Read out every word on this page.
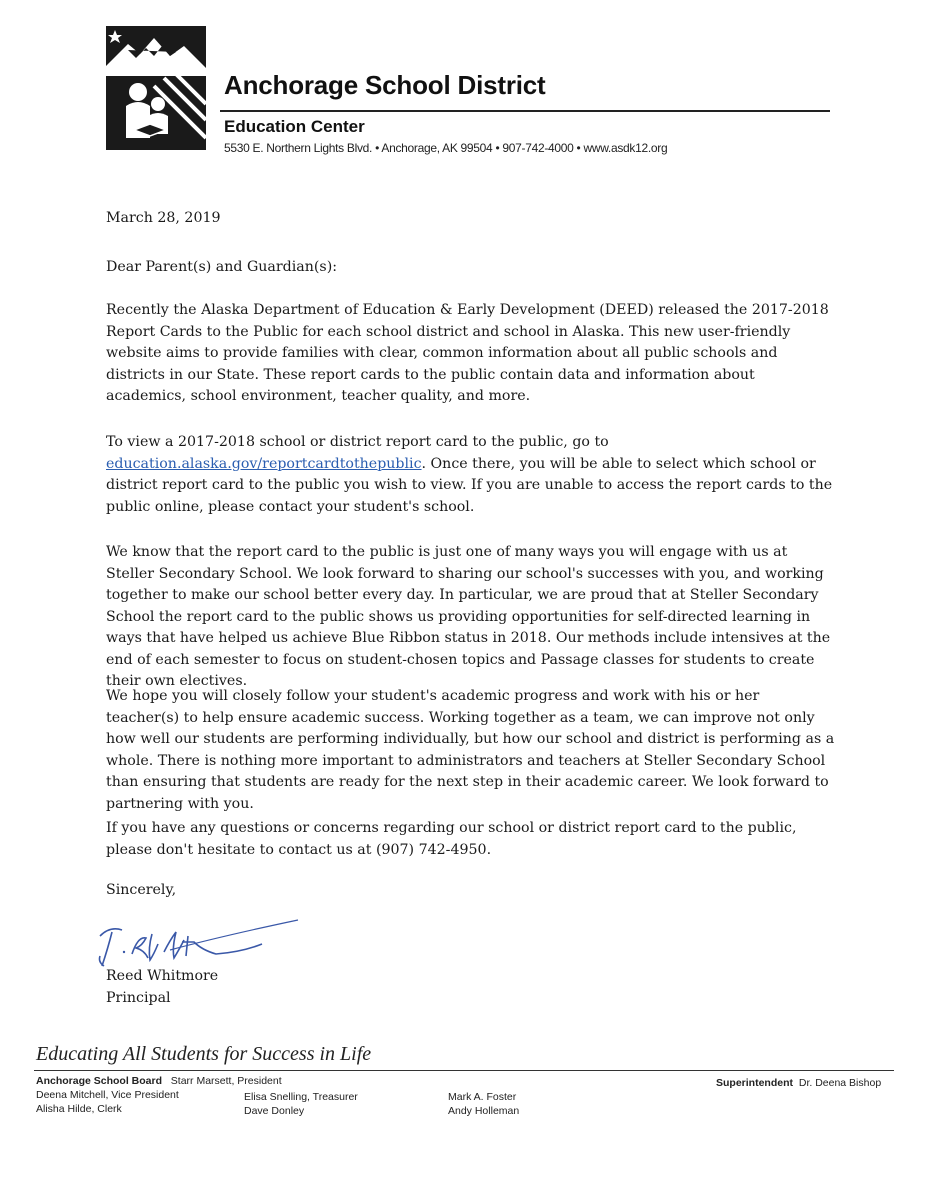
Anchorage School District
Education Center
5530 E. Northern Lights Blvd. • Anchorage, AK 99504 • 907-742-4000 • www.asdk12.org
March 28, 2019
Dear Parent(s) and Guardian(s):
Recently the Alaska Department of Education & Early Development (DEED) released the 2017-2018 Report Cards to the Public for each school district and school in Alaska. This new user-friendly website aims to provide families with clear, common information about all public schools and districts in our State. These report cards to the public contain data and information about academics, school environment, teacher quality, and more.
To view a 2017-2018 school or district report card to the public, go to
education.alaska.gov/reportcardtothepublic. Once there, you will be able to select which school or district report card to the public you wish to view. If you are unable to access the report cards to the public online, please contact your student's school.
We know that the report card to the public is just one of many ways you will engage with us at Steller Secondary School. We look forward to sharing our school's successes with you, and working together to make our school better every day. In particular, we are proud that at Steller Secondary School the report card to the public shows us providing opportunities for self-directed learning in ways that have helped us achieve Blue Ribbon status in 2018. Our methods include intensives at the end of each semester to focus on student-chosen topics and Passage classes for students to create their own electives.
We hope you will closely follow your student's academic progress and work with his or her teacher(s) to help ensure academic success. Working together as a team, we can improve not only how well our students are performing individually, but how our school and district is performing as a whole. There is nothing more important to administrators and teachers at Steller Secondary School than ensuring that students are ready for the next step in their academic career. We look forward to partnering with you.
If you have any questions or concerns regarding our school or district report card to the public, please don't hesitate to contact us at (907) 742-4950.
Sincerely,
Reed Whitmore
Principal
Educating All Students for Success in Life
Anchorage School Board Starr Marsett, President
Deena Mitchell, Vice President
Alisha Hilde, Clerk
Elisa Snelling, Treasurer
Dave Donley
Mark A. Foster
Andy Holleman
Superintendent Dr. Deena Bishop
